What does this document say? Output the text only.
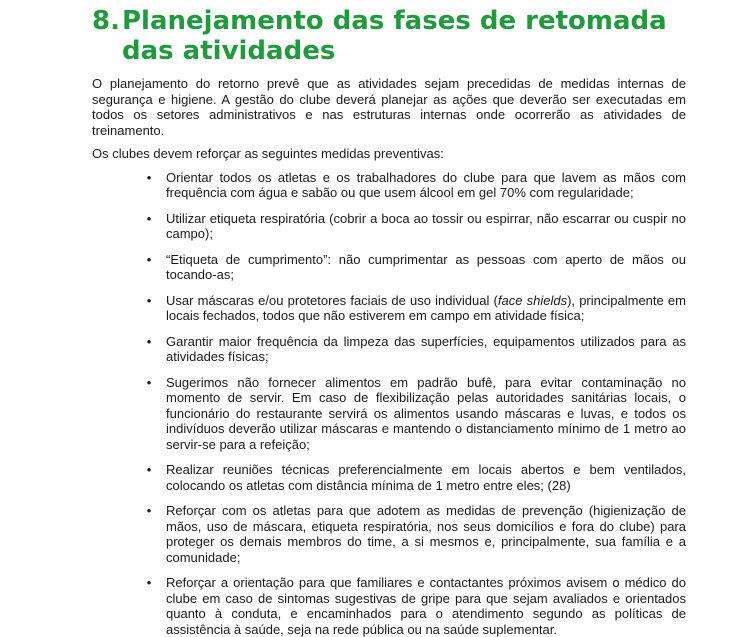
8. Planejamento das fases de retomada das atividades

O planejamento do retorno prevê que as atividades sejam precedidas de medidas internas de segurança e higiene. A gestão do clube deverá planejar as ações que deverão ser executadas em todos os setores administrativos e nas estruturas internas onde ocorrerão as atividades de treinamento.

Os clubes devem reforçar as seguintes medidas preventivas:

•	Orientar todos os atletas e os trabalhadores do clube para que lavem as mãos com frequência com água e sabão ou que usem álcool em gel 70% com regularidade;
•	Utilizar etiqueta respiratória (cobrir a boca ao tossir ou espirrar, não escarrar ou cuspir no campo);
•	“Etiqueta de cumprimento”: não cumprimentar as pessoas com aperto de mãos ou tocando-as;
•	Usar máscaras e/ou protetores faciais de uso individual (face shields), principalmente em locais fechados, todos que não estiverem em campo em atividade física;
•	Garantir maior frequência da limpeza das superfícies, equipamentos utilizados para as atividades físicas;
•	Sugerimos não fornecer alimentos em padrão bufê, para evitar contaminação no momento de servir. Em caso de flexibilização pelas autoridades sanitárias locais, o funcionário do restaurante servirá os alimentos usando máscaras e luvas, e todos os indivíduos deverão utilizar máscaras e mantendo o distanciamento mínimo de 1 metro ao servir-se para a refeição;
•	Realizar reuniões técnicas preferencialmente em locais abertos e bem ventilados, colocando os atletas com distância mínima de 1 metro entre eles; (28)
•	Reforçar com os atletas para que adotem as medidas de prevenção (higienização de mãos, uso de máscara, etiqueta respiratória, nos seus domicílios e fora do clube) para proteger os demais membros do time, a si mesmos e, principalmente, sua família e a comunidade;
•	Reforçar a orientação para que familiares e contactantes próximos avisem o médico do clube em caso de sintomas sugestivas de gripe para que sejam avaliados e orientados quanto à conduta, e encaminhados para o atendimento segundo as políticas de assistência à saúde, seja na rede pública ou na saúde suplementar.
